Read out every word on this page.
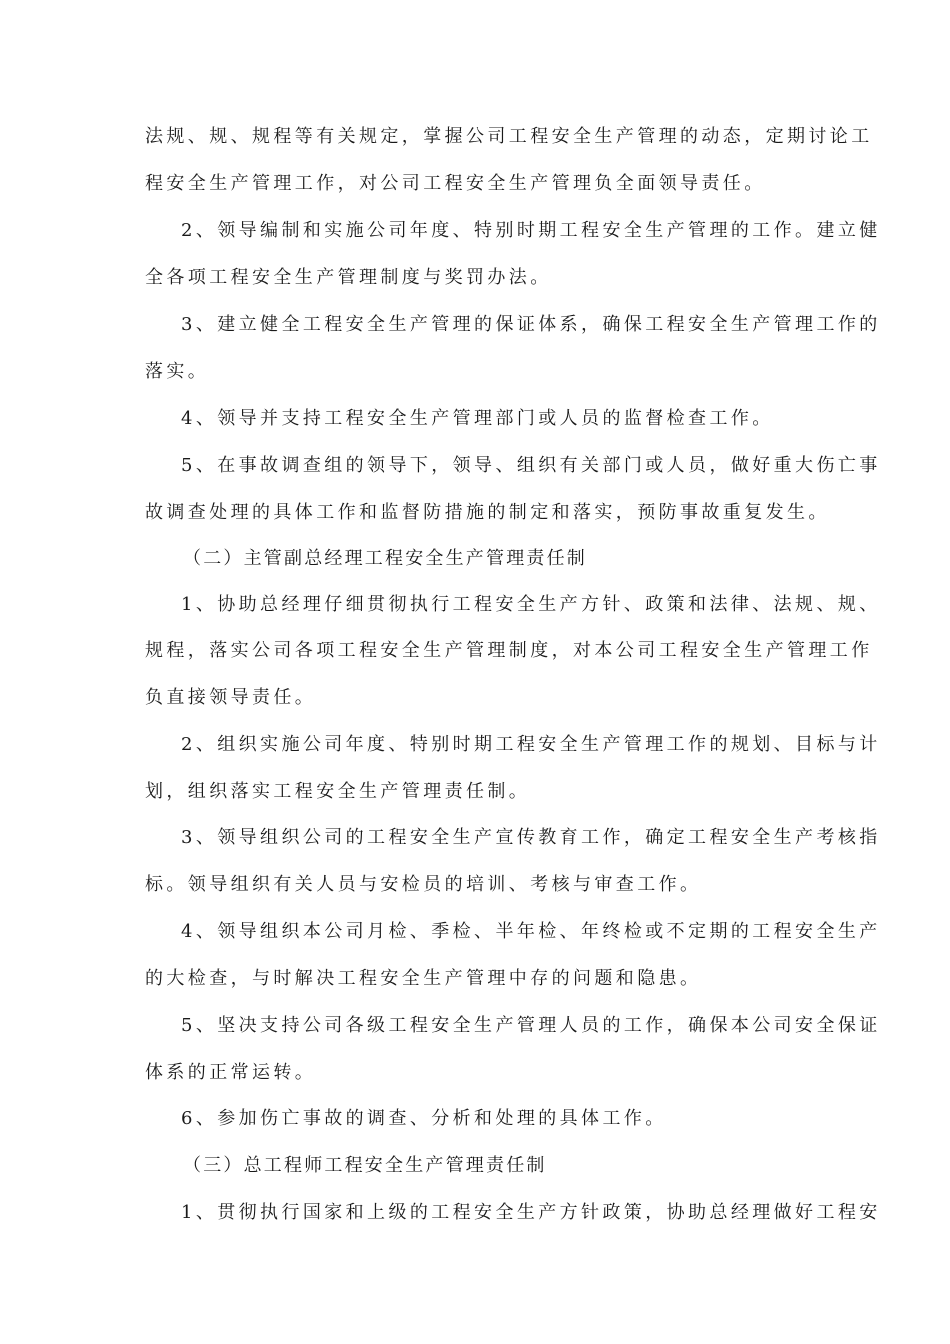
法规、规、规程等有关规定，掌握公司工程安全生产管理的动态，定期讨论工
程安全生产管理工作，对公司工程安全生产管理负全面领导责任。
2、领导编制和实施公司年度、特别时期工程安全生产管理的工作。建立健
全各项工程安全生产管理制度与奖罚办法。
3、建立健全工程安全生产管理的保证体系，确保工程安全生产管理工作的
落实。
4、领导并支持工程安全生产管理部门或人员的监督检查工作。
5、在事故调查组的领导下，领导、组织有关部门或人员，做好重大伤亡事
故调查处理的具体工作和监督防措施的制定和落实，预防事故重复发生。
（二）主管副总经理工程安全生产管理责任制
1、协助总经理仔细贯彻执行工程安全生产方针、政策和法律、法规、规、
规程，落实公司各项工程安全生产管理制度，对本公司工程安全生产管理工作
负直接领导责任。
2、组织实施公司年度、特别时期工程安全生产管理工作的规划、目标与计
划，组织落实工程安全生产管理责任制。
3、领导组织公司的工程安全生产宣传教育工作，确定工程安全生产考核指
标。领导组织有关人员与安检员的培训、考核与审查工作。
4、领导组织本公司月检、季检、半年检、年终检或不定期的工程安全生产
的大检查，与时解决工程安全生产管理中存的问题和隐患。
5、坚决支持公司各级工程安全生产管理人员的工作，确保本公司安全保证
体系的正常运转。
6、参加伤亡事故的调查、分析和处理的具体工作。
（三）总工程师工程安全生产管理责任制
1、贯彻执行国家和上级的工程安全生产方针政策，协助总经理做好工程安
